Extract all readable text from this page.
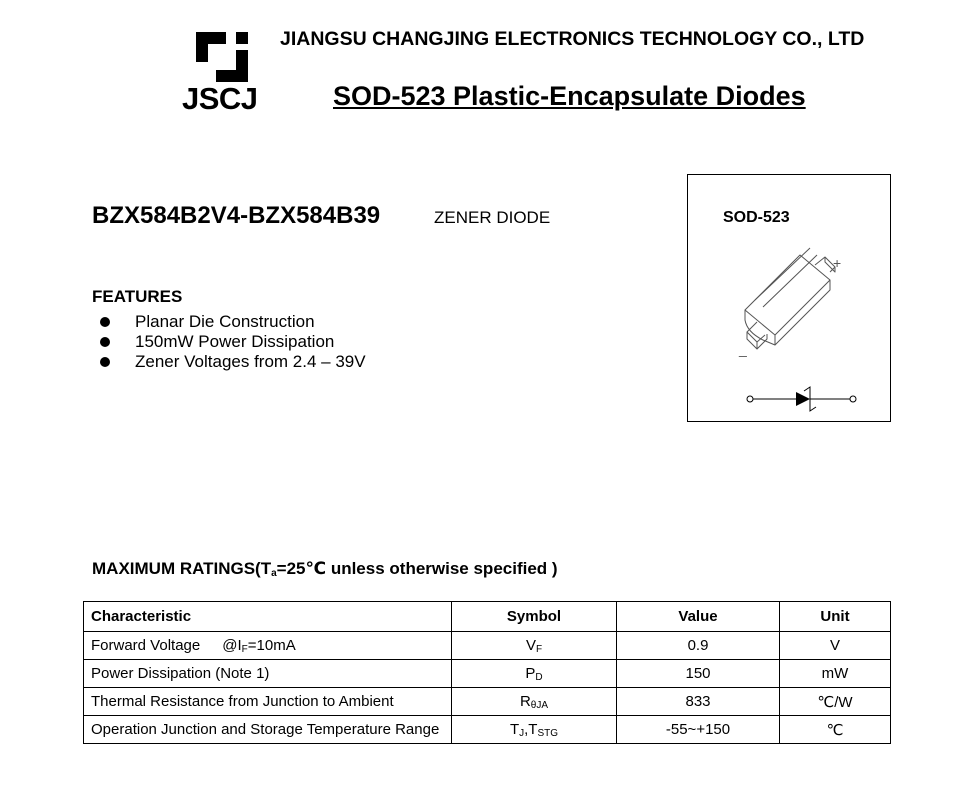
JSCJ
JIANGSU CHANGJING ELECTRONICS TECHNOLOGY CO., LTD
SOD-523 Plastic-Encapsulate Diodes
BZX584B2V4-BZX584B39	ZENER DIODE
FEATURES
Planar Die Construction
150mW Power Dissipation
Zener Voltages from 2.4 – 39V
SOD-523
+
_
MAXIMUM $RATINGS(T_a=25℃$ unless otherwise specified )
Characteristic	Symbol	Value	Unit
Forward Voltage $@I_F=10mA$	$V_F$	0.9	V
Power Dissipation (Note 1)	$P_D$	150	mW
Thermal Resistance from Junction to Ambient	$R_{\theta JA}$	833	℃/W
Operation Junction and Storage Temperature Range	$T_J,T_{STG}$	-55~+150	℃
